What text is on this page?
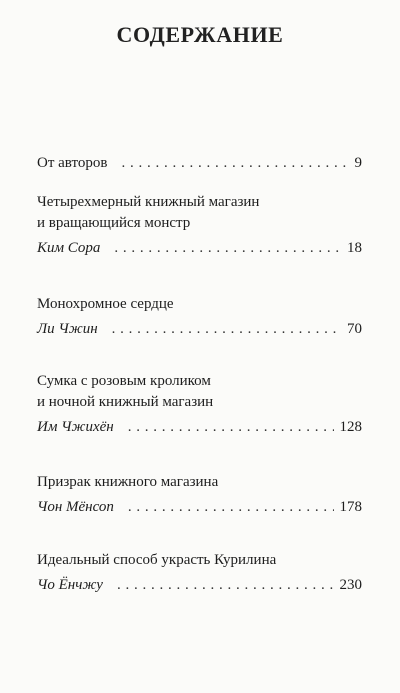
СОДЕРЖАНИЕ
От авторов . . .	9
Четырехмерный книжный магазин
и вращающийся монстр
Ким Сора . . .	18
Монохромное сердце
Ли Чжин . . .	70
Сумка с розовым кроликом
и ночной книжный магазин
Им Чжихён . . .	128
Призрак книжного магазина
Чон Мёнсоп . . .	178
Идеальный способ украсть Курилина
Чо Ёнчжу . . .	230
